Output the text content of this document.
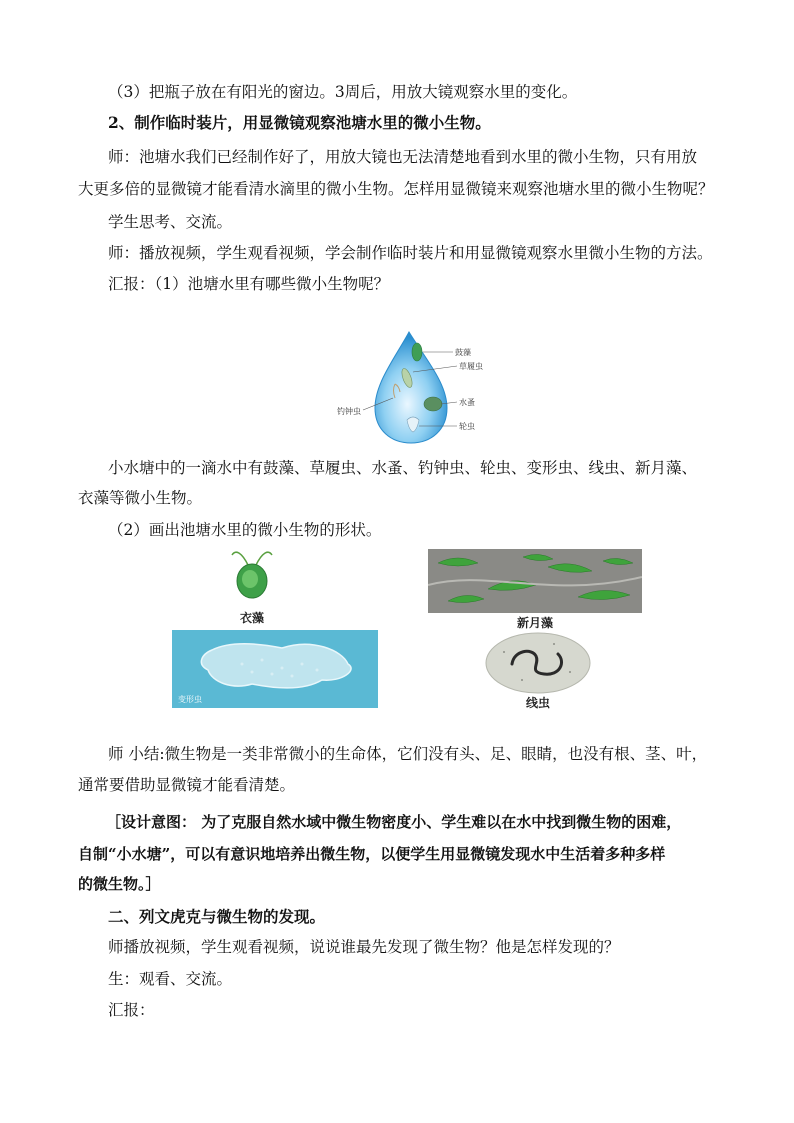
（3）把瓶子放在有阳光的窗边。3周后，用放大镜观察水里的变化。
2、制作临时装片，用显微镜观察池塘水里的微小生物。
师：池塘水我们已经制作好了，用放大镜也无法清楚地看到水里的微小生物，只有用放
大更多倍的显微镜才能看清水滴里的微小生物。怎样用显微镜来观察池塘水里的微小生物呢？
学生思考、交流。
师：播放视频，学生观看视频，学会制作临时装片和用显微镜观察水里微小生物的方法。
汇报：（1）池塘水里有哪些微小生物呢？
鼓藻
草履虫
水蚤
钓钟虫
轮虫
小水塘中的一滴水中有鼓藻、草履虫、水蚤、钓钟虫、轮虫、变形虫、线虫、新月藻、
衣藻等微小生物。
（2）画出池塘水里的微小生物的形状。
衣藻	新月藻
变形虫	线虫
师 小结:微生物是一类非常微小的生命体，它们没有头、足、眼睛，也没有根、茎、叶，
通常要借助显微镜才能看清楚。
［设计意图： 为了克服自然水域中微生物密度小、学生难以在水中找到微生物的困难，
自制“小水塘”，可以有意识地培养出微生物，以便学生用显微镜发现水中生活着多种多样
的微生物。］
二、列文虎克与微生物的发现。
师播放视频，学生观看视频，说说谁最先发现了微生物？他是怎样发现的？
生：观看、交流。
汇报：
